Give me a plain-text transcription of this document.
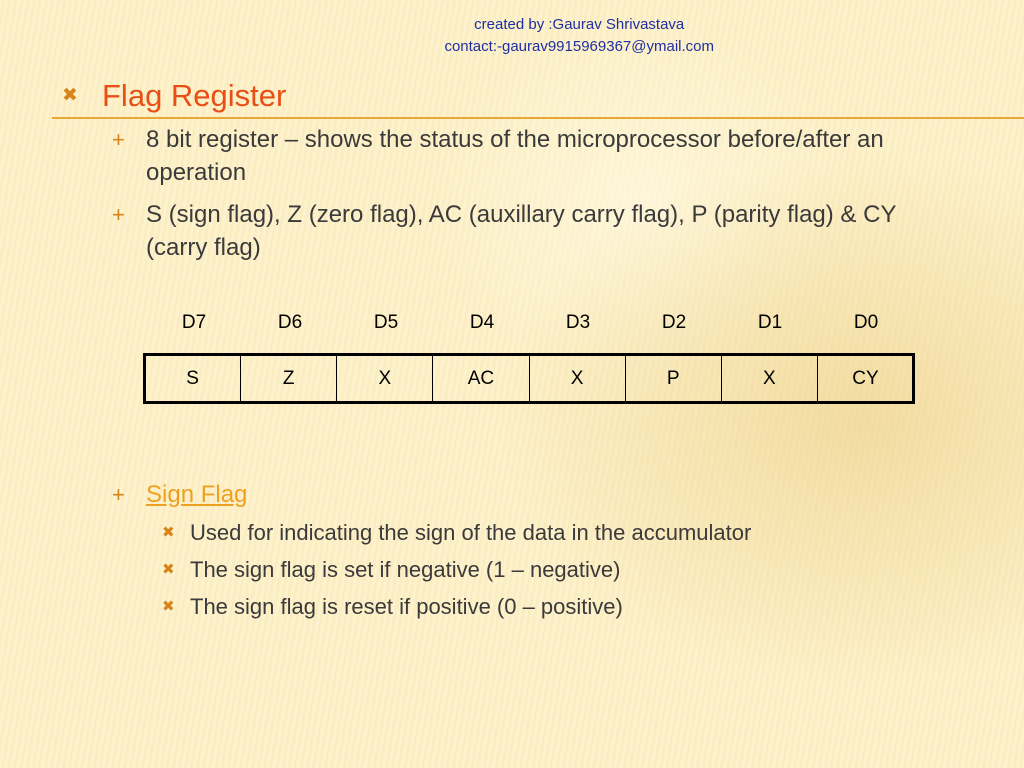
created by :Gaurav Shrivastava
contact:-gaurav9915969367@ymail.com
✖ Flag Register
+ 8 bit register – shows the status of the microprocessor before/after an operation
+ S (sign flag), Z (zero flag), AC (auxillary carry flag), P (parity flag) & CY (carry flag)
D7	D6	D5	D4	D3	D2	D1	D0
S	Z	X	AC	X	P	X	CY
+ Sign Flag
✖ Used for indicating the sign of the data in the accumulator
✖ The sign flag is set if negative (1 – negative)
✖ The sign flag is reset if positive (0 – positive)
